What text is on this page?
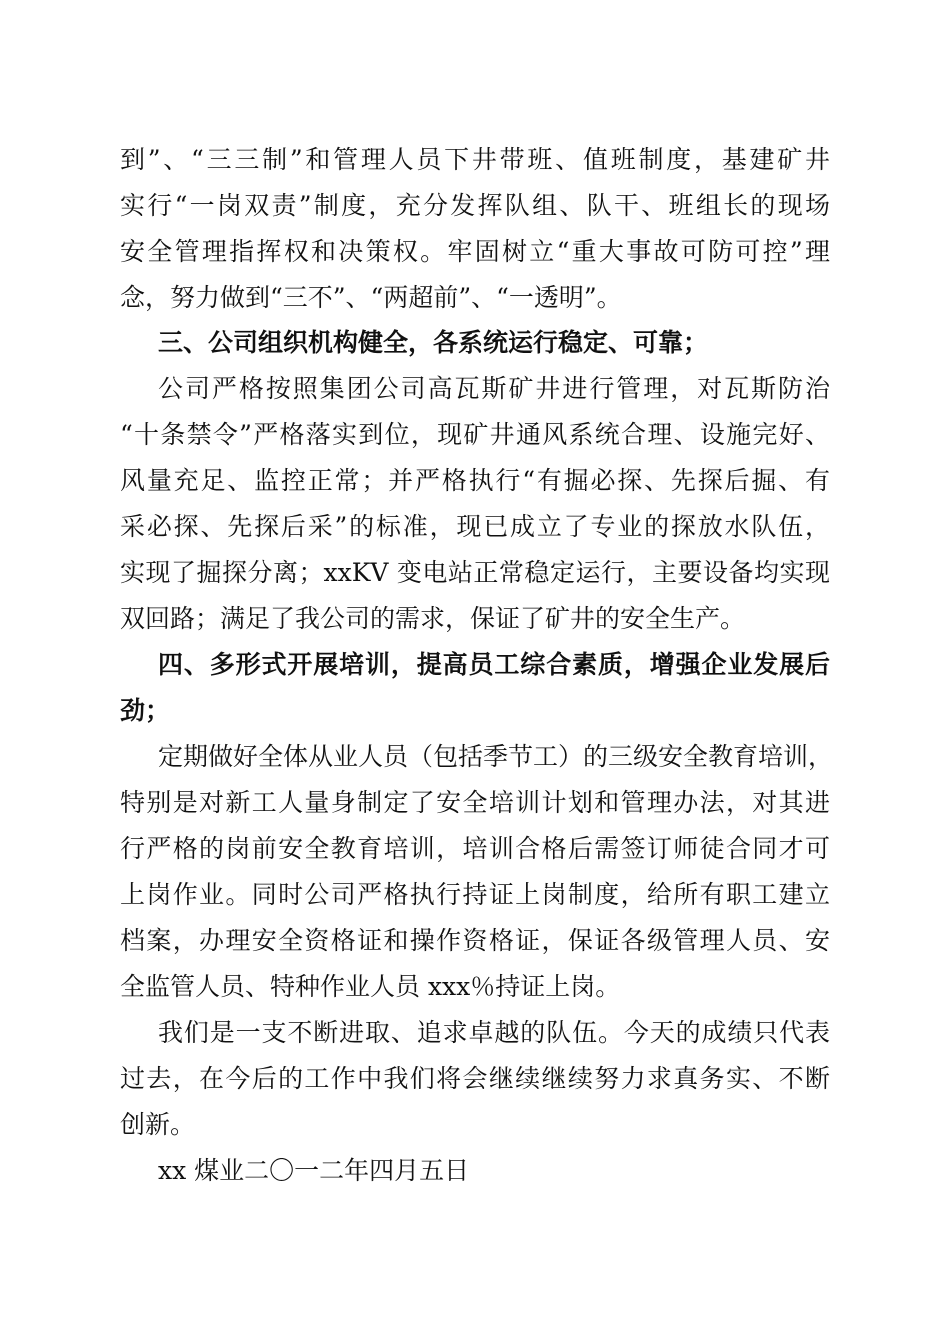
到”、“三三制”和管理人员下井带班、值班制度，基建矿井
实行“一岗双责”制度，充分发挥队组、队干、班组长的现场
安全管理指挥权和决策权。牢固树立“重大事故可防可控”理
念，努力做到“三不”、“两超前”、“一透明”。
三、公司组织机构健全，各系统运行稳定、可靠；
公司严格按照集团公司高瓦斯矿井进行管理，对瓦斯防治
“十条禁令”严格落实到位，现矿井通风系统合理、设施完好、
风量充足、监控正常；并严格执行“有掘必探、先探后掘、有
采必探、先探后采”的标准，现已成立了专业的探放水队伍，
实现了掘探分离；xxKV 变电站正常稳定运行，主要设备均实现
双回路；满足了我公司的需求，保证了矿井的安全生产。
四、多形式开展培训，提高员工综合素质，增强企业发展后
劲；
定期做好全体从业人员（包括季节工）的三级安全教育培训，
特别是对新工人量身制定了安全培训计划和管理办法，对其进
行严格的岗前安全教育培训，培训合格后需签订师徒合同才可
上岗作业。同时公司严格执行持证上岗制度，给所有职工建立
档案，办理安全资格证和操作资格证，保证各级管理人员、安
全监管人员、特种作业人员 xxx％持证上岗。
我们是一支不断进取、追求卓越的队伍。今天的成绩只代表
过去，在今后的工作中我们将会继续继续努力求真务实、不断
创新。
xx 煤业二〇一二年四月五日
